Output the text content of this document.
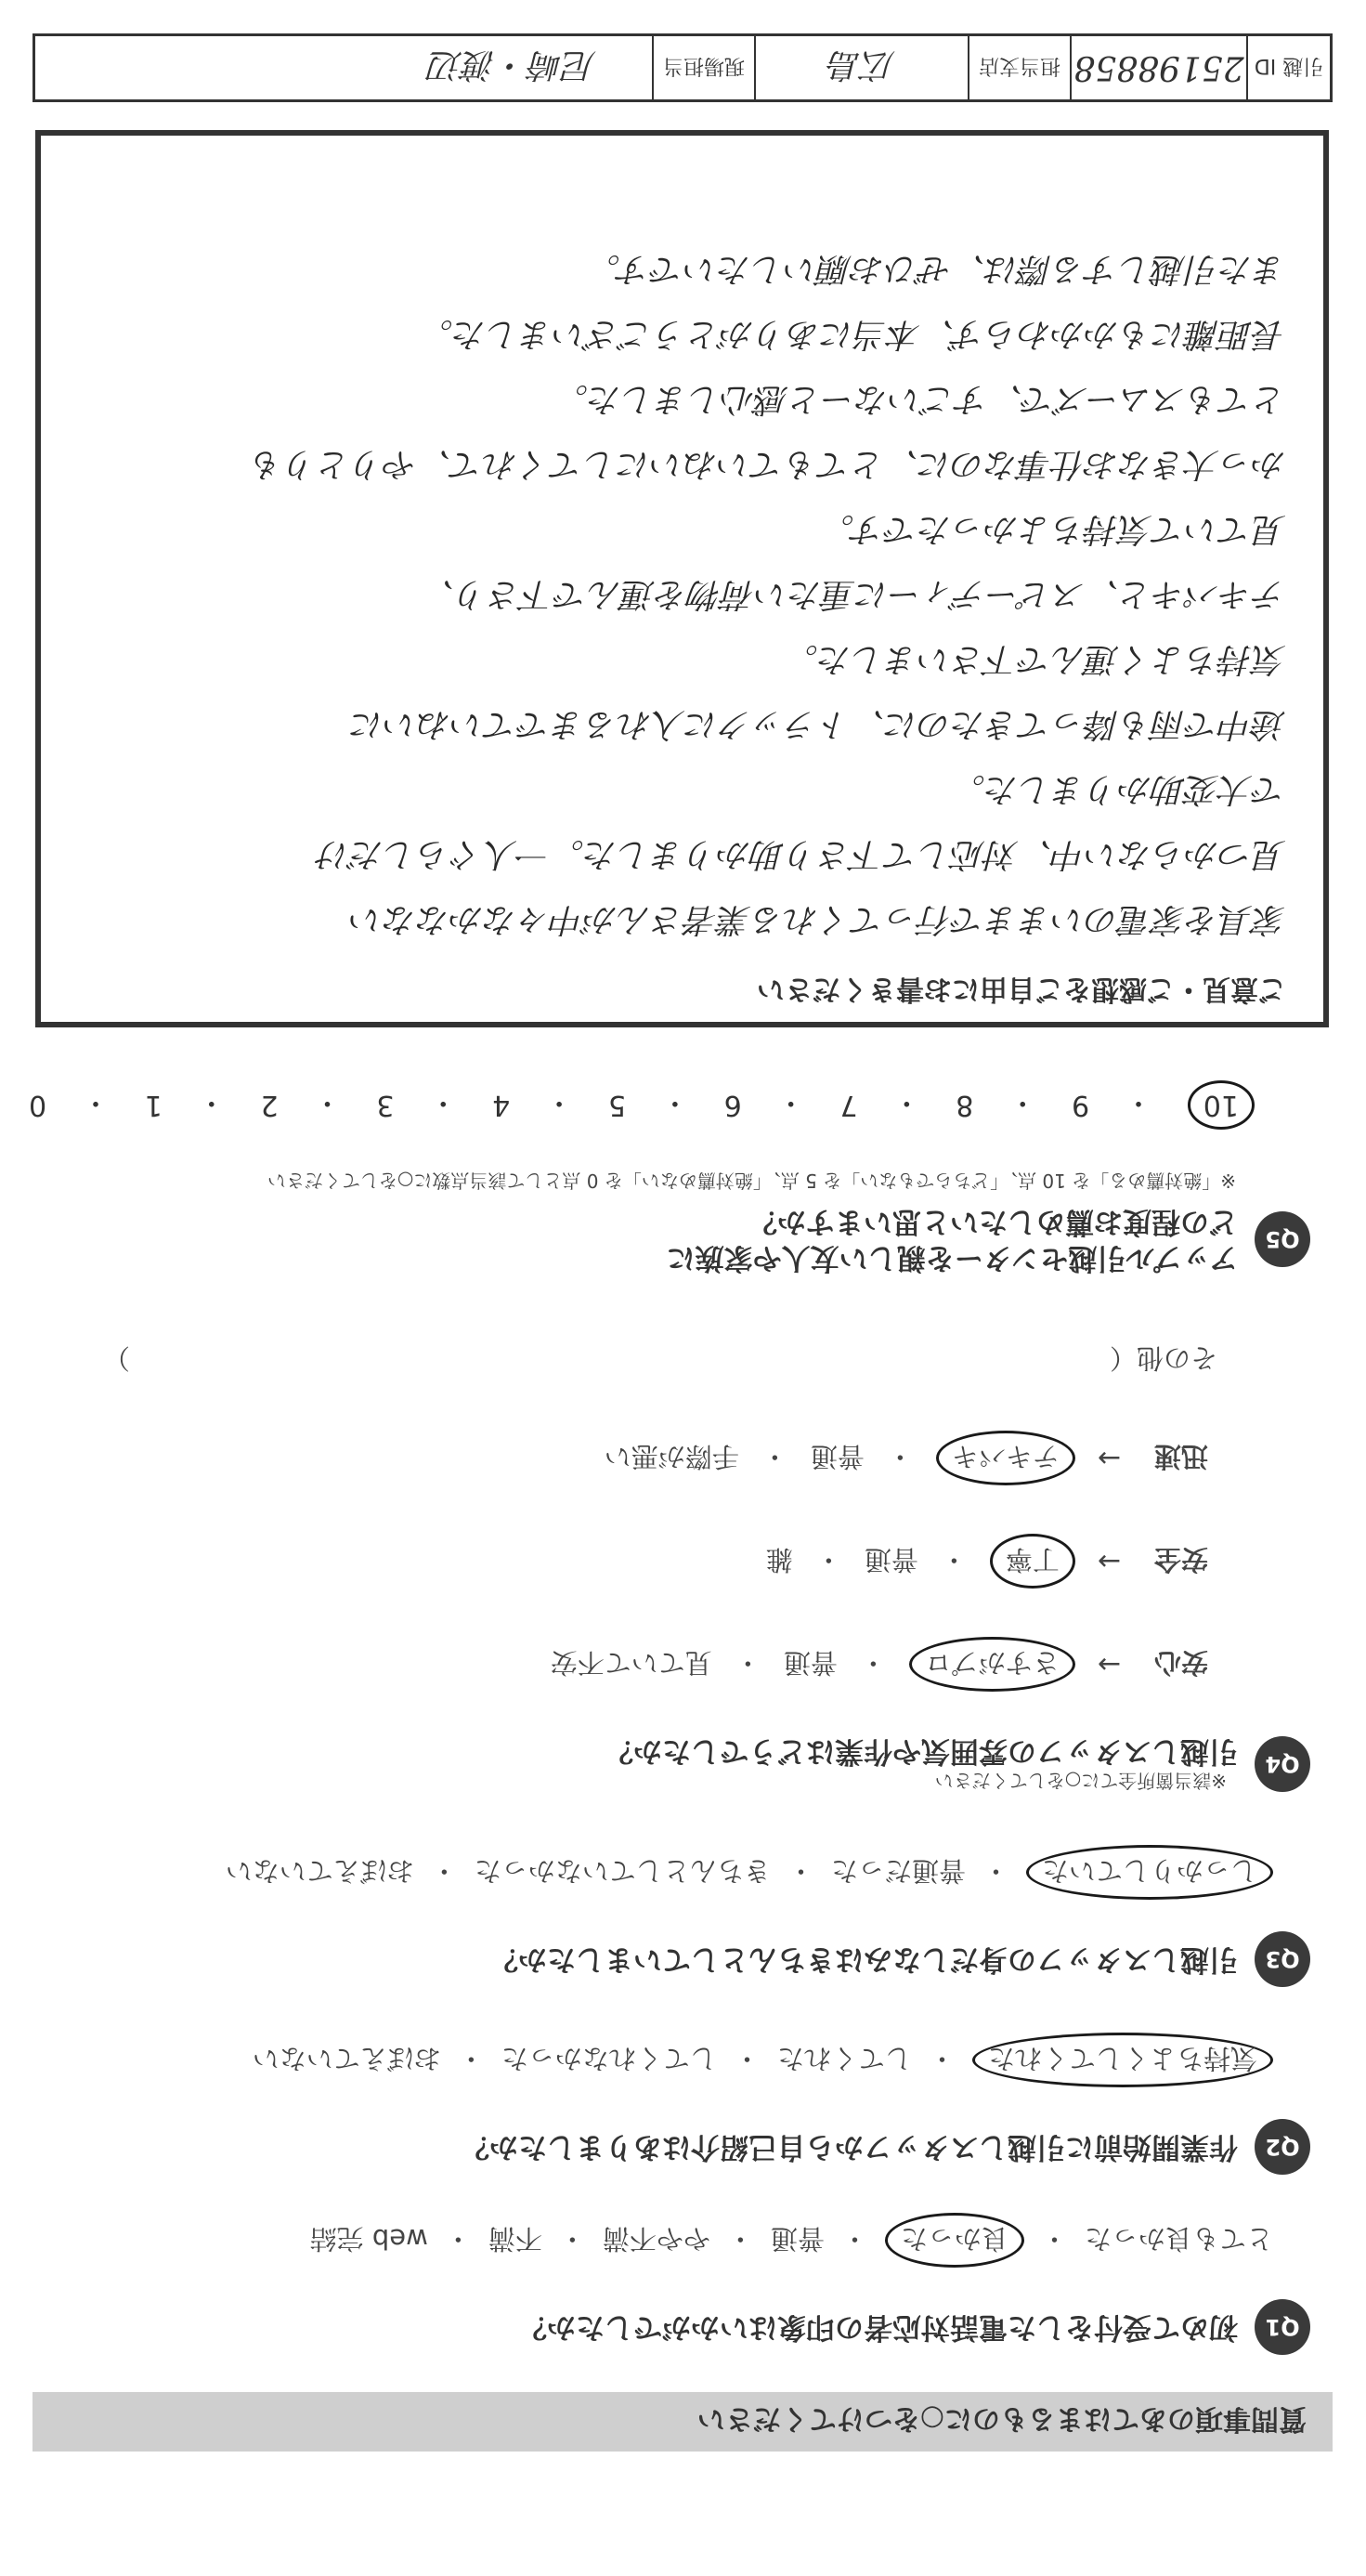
質問事項のあてはまるものに○をつけてください
Q1
初めて受付をした電話対応者の印象はいかがでしたか？
とても良かった
・
良かった
・
普通
・
やや不満
・
不満
・
web 完結
Q2
作業開始前に引越しスタッフから自己紹介はありましたか？
気持ちよくしてくれた
・
してくれた
・
してくれなかった
・
おぼえていない
Q3
引越しスタッフの身だしなみはきちんとしていましたか？
しっかりしていた
・
普通だった
・
きちんとしていなかった
・
おぼえていない
Q4
※該当箇所全てに○をしてください
引越しスタッフの雰囲気や作業はどうでしたか？
安心
→
さすがプロ
・
普通
・
見ていて不安
安全
→
丁寧
・
普通
・
雑
迅速
→
テキパキ
・
普通
・
手際が悪い
その他（
）
Q5
アップル引越センターを親しい友人や家族に
どの程度お薦めしたいと思いますか？
※「絶対薦める」を 10 点、「どちらでもない」を 5 点、「絶対薦めない」を 0 点として該当点数に○をしてください
10
・
9
・
8
・
7
・
6
・
5
・
4
・
3
・
2
・
1
・
0
ご意見・ご感想をご自由にお書きください
家具を家電のいままで行ってくれる業者さんが中々なかなない
見つからない中、対応して下さり助かりました。一人ぐらしだけ
で大変助かりました。
途中で雨も降ってきたのに、トラックに入れるまでていねいに
気持ちよく運んで下さいました。
テキパキと、スピーディーに重たい荷物を運んで下さり、
見ていて気持ちよかったです。
かっ大きなお仕事なのに、とてもていねいにしてくれて、やりとりも
とてもスムーズで、すごいなーと感心しました。
長距離にもかかわらず、本当にありがとうございました。
また引越しする際は、ぜひお願いしたいです。
引越 ID
25198858
担当支店
広島
現場担当
尼崎・渡辺
